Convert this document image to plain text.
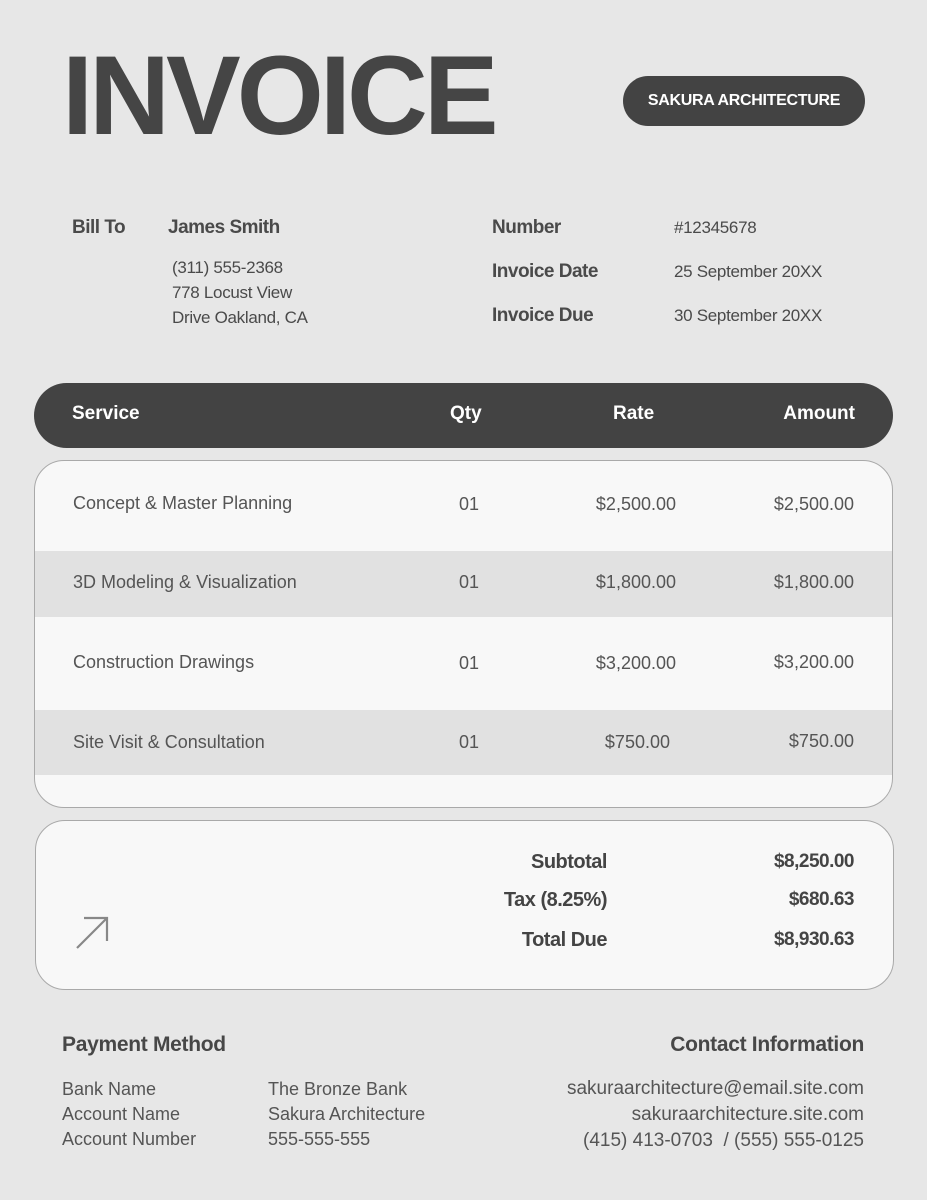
INVOICE	SAKURA ARCHITECTURE
Bill To James Smith
(311) 555-2368
778 Locust View
Drive Oakland, CA
Number	#12345678
Invoice Date	25 September 20XX
Invoice Due	30 September 20XX
Service	Qty	Rate	Amount
Concept & Master Planning	01	$2,500.00	$2,500.00
3D Modeling & Visualization	01	$1,800.00	$1,800.00
Construction Drawings	01	$3,200.00	$3,200.00
Site Visit & Consultation	01	$750.00	$750.00
Subtotal	$8,250.00
Tax (8.25%)	$680.63
Total Due	$8,930.63
Payment Method
Bank Name	The Bronze Bank
Account Name	Sakura Architecture
Account Number	555-555-555
Contact Information
sakuraarchitecture@email.site.com
sakuraarchitecture.site.com
(415) 413-0703  / (555) 555-0125
